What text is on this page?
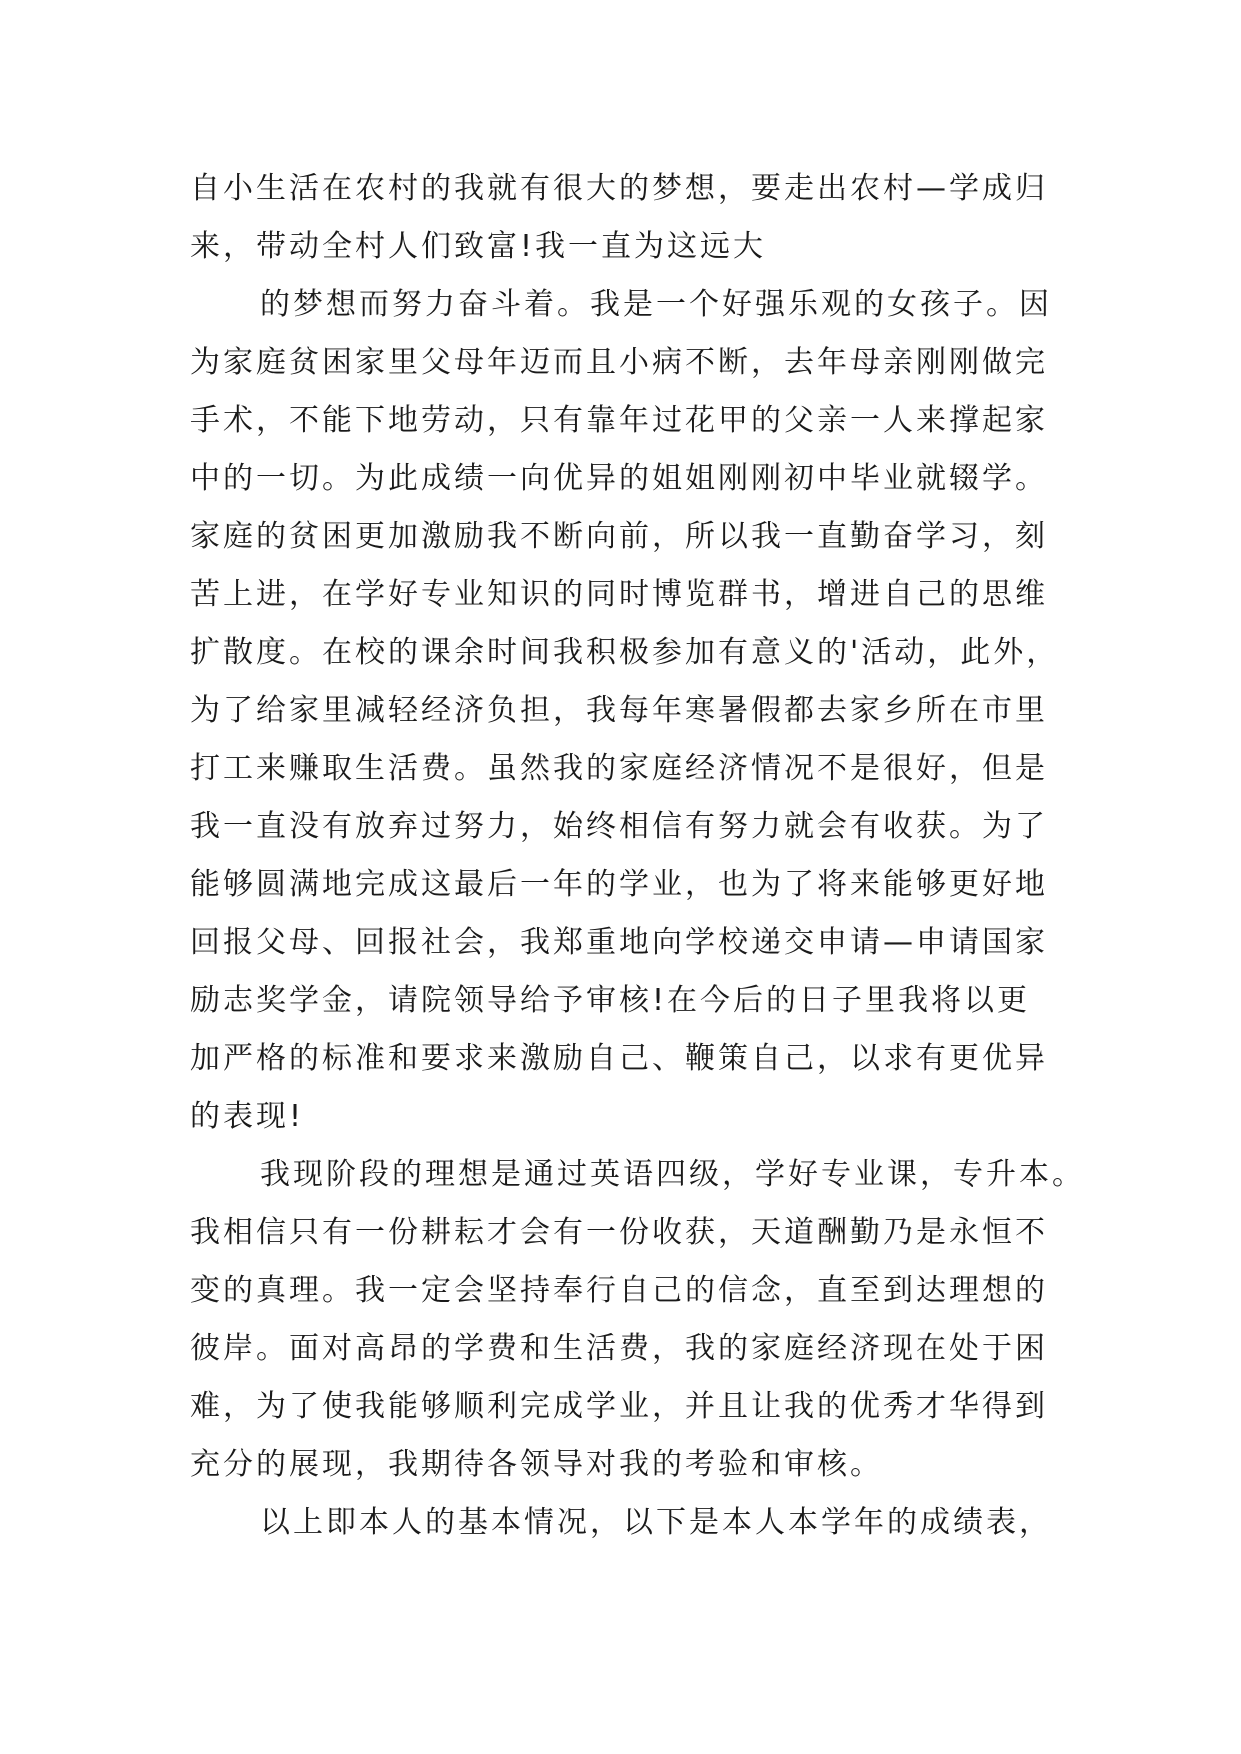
自小生活在农村的我就有很大的梦想，要走出农村—学成归
来，带动全村人们致富!我一直为这远大
的梦想而努力奋斗着。我是一个好强乐观的女孩子。因
为家庭贫困家里父母年迈而且小病不断，去年母亲刚刚做完
手术，不能下地劳动，只有靠年过花甲的父亲一人来撑起家
中的一切。为此成绩一向优异的姐姐刚刚初中毕业就辍学。
家庭的贫困更加激励我不断向前，所以我一直勤奋学习，刻
苦上进，在学好专业知识的同时博览群书，增进自己的思维
扩散度。在校的课余时间我积极参加有意义的'活动，此外，
为了给家里减轻经济负担，我每年寒暑假都去家乡所在市里
打工来赚取生活费。虽然我的家庭经济情况不是很好，但是
我一直没有放弃过努力，始终相信有努力就会有收获。为了
能够圆满地完成这最后一年的学业，也为了将来能够更好地
回报父母、回报社会，我郑重地向学校递交申请—申请国家
励志奖学金，请院领导给予审核!在今后的日子里我将以更
加严格的标准和要求来激励自己、鞭策自己，以求有更优异
的表现!
我现阶段的理想是通过英语四级，学好专业课，专升本。
我相信只有一份耕耘才会有一份收获，天道酬勤乃是永恒不
变的真理。我一定会坚持奉行自己的信念，直至到达理想的
彼岸。面对高昂的学费和生活费，我的家庭经济现在处于困
难，为了使我能够顺利完成学业，并且让我的优秀才华得到
充分的展现，我期待各领导对我的考验和审核。
以上即本人的基本情况，以下是本人本学年的成绩表，
